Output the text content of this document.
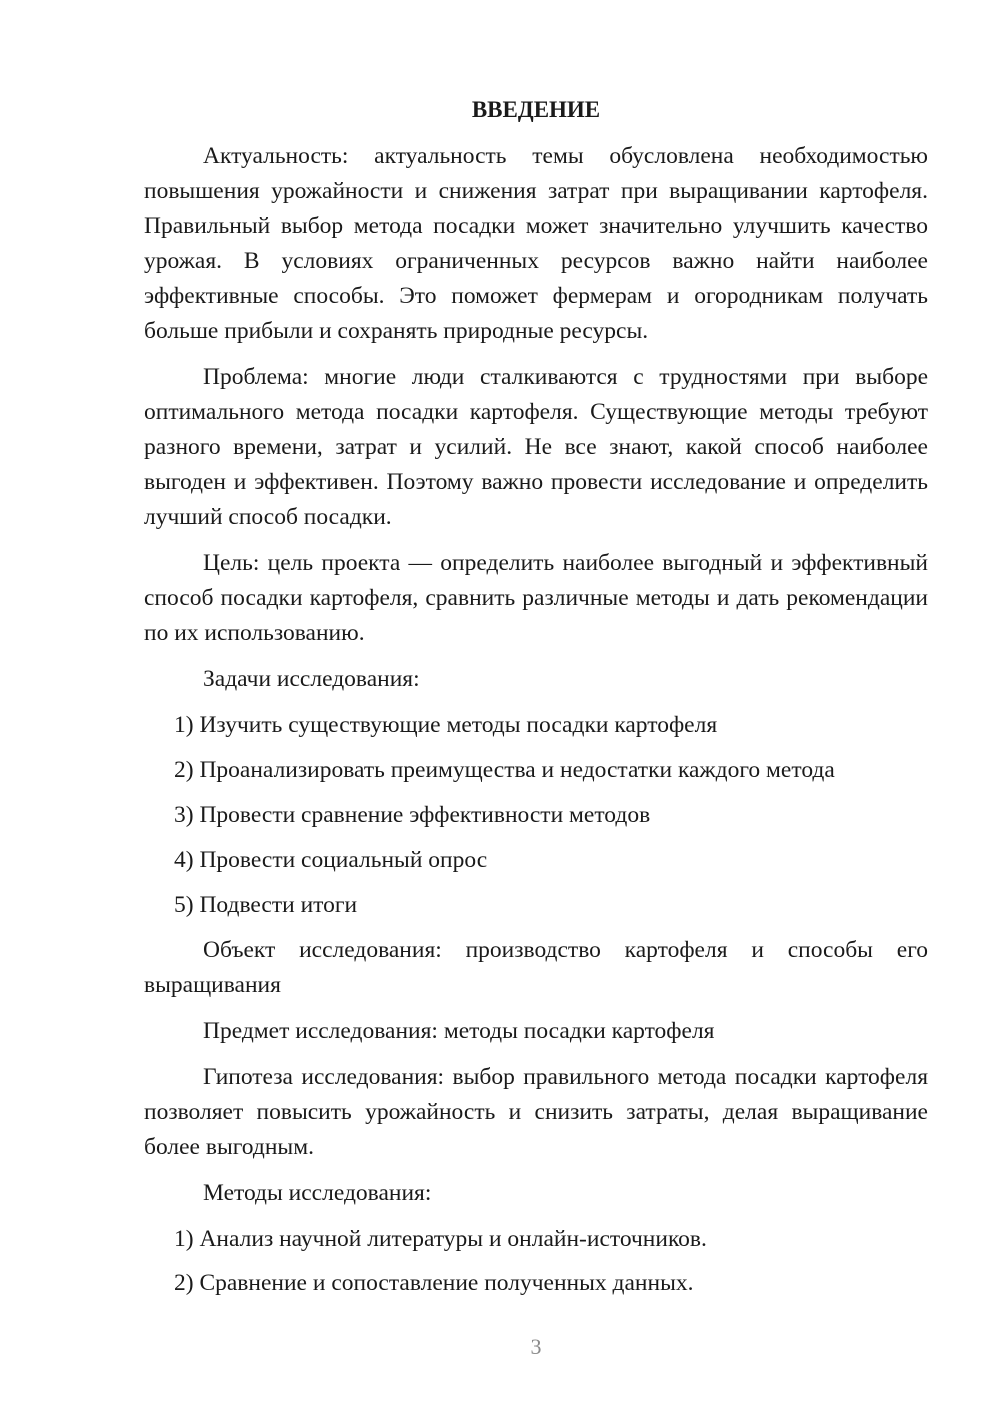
ВВЕДЕНИЕ

Актуальность: актуальность темы обусловлена необходимостью повышения урожайности и снижения затрат при выращивании картофеля. Правильный выбор метода посадки может значительно улучшить качество урожая. В условиях ограниченных ресурсов важно найти наиболее эффективные способы. Это поможет фермерам и огородникам получать больше прибыли и сохранять природные ресурсы.

Проблема: многие люди сталкиваются с трудностями при выборе оптимального метода посадки картофеля. Существующие методы требуют разного времени, затрат и усилий. Не все знают, какой способ наиболее выгоден и эффективен. Поэтому важно провести исследование и определить лучший способ посадки.

Цель: цель проекта — определить наиболее выгодный и эффективный способ посадки картофеля, сравнить различные методы и дать рекомендации по их использованию.

Задачи исследования:

1) Изучить существующие методы посадки картофеля
2) Проанализировать преимущества и недостатки каждого метода
3) Провести сравнение эффективности методов
4) Провести социальный опрос
5) Подвести итоги

Объект исследования: производство картофеля и способы его выращивания

Предмет исследования: методы посадки картофеля

Гипотеза исследования: выбор правильного метода посадки картофеля позволяет повысить урожайность и снизить затраты, делая выращивание более выгодным.

Методы исследования:

1) Анализ научной литературы и онлайн-источников.
2) Сравнение и сопоставление полученных данных.
3
